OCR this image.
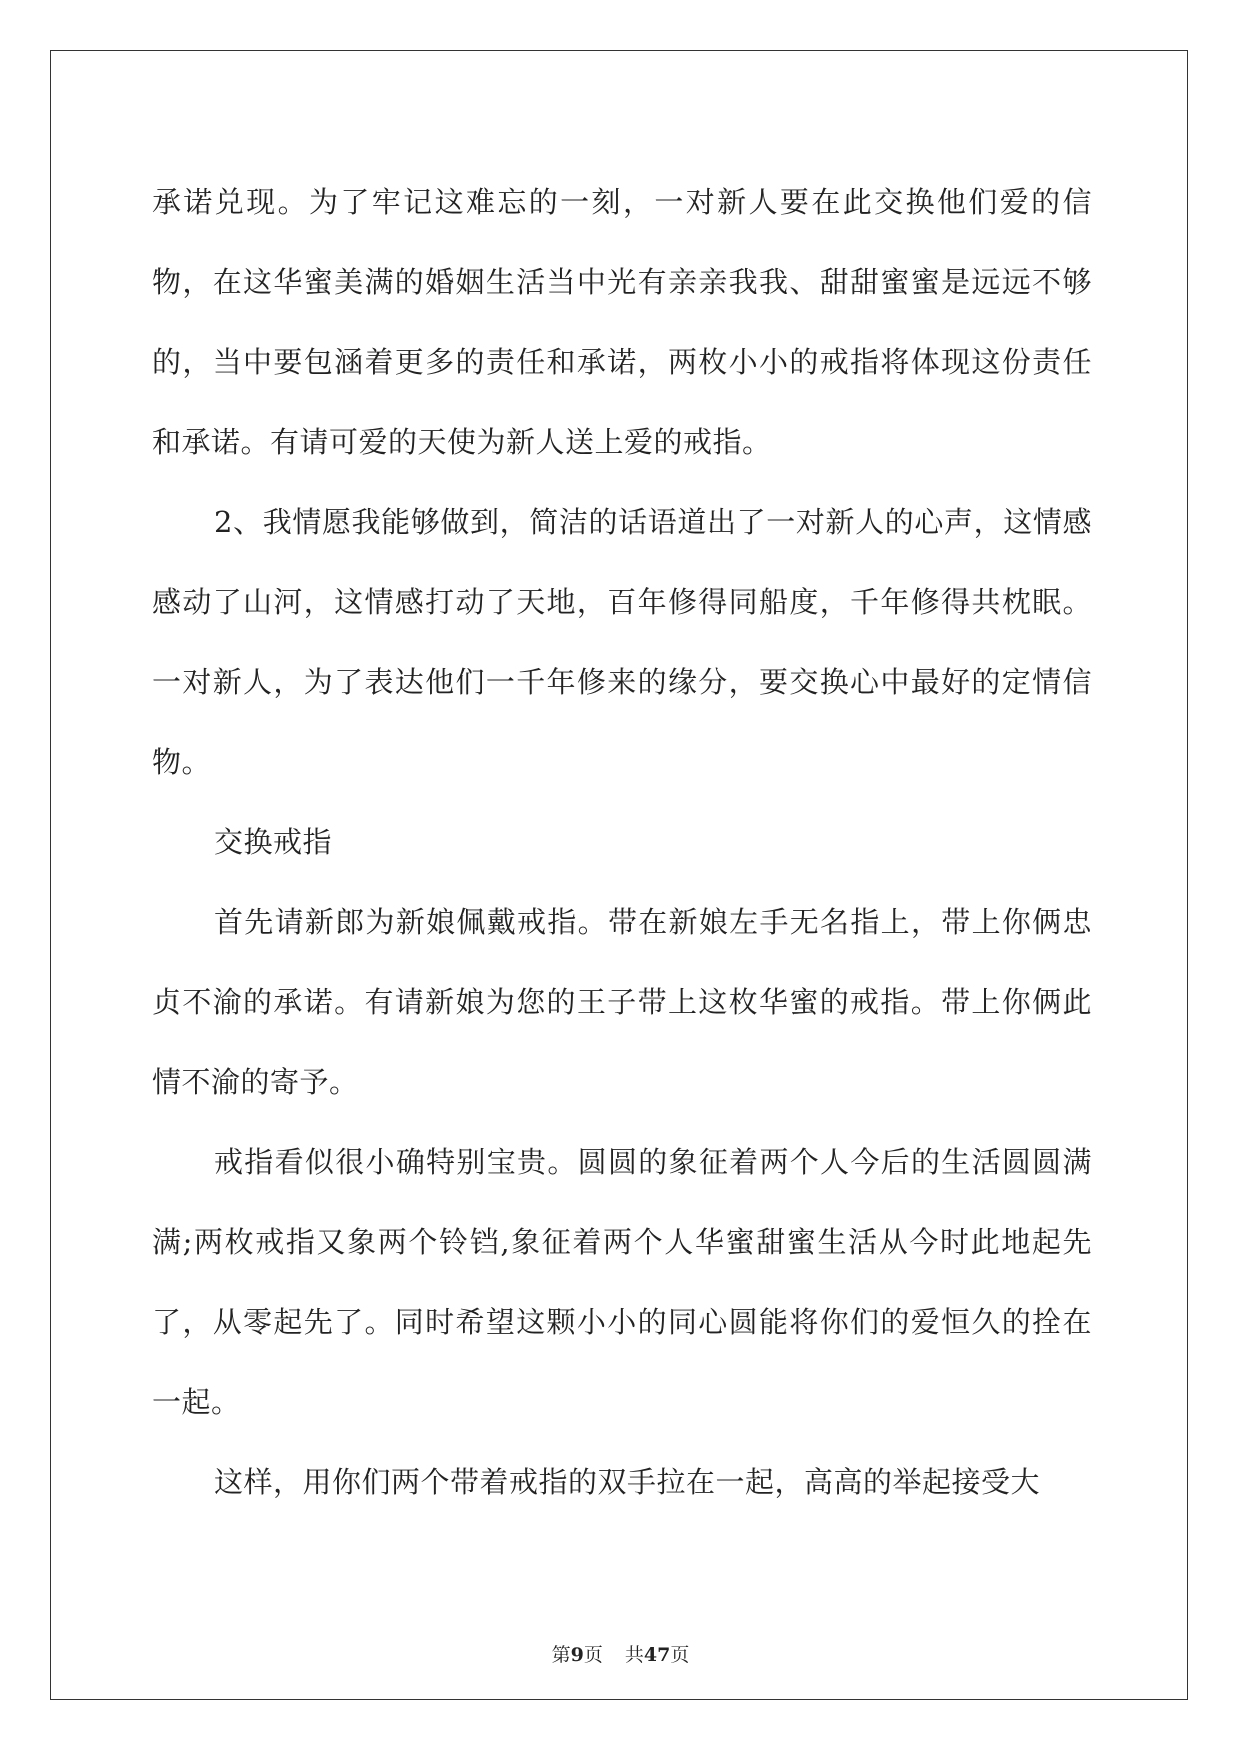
承诺兑现。为了牢记这难忘的一刻，一对新人要在此交换他们爱的信物，在这华蜜美满的婚姻生活当中光有亲亲我我、甜甜蜜蜜是远远不够的，当中要包涵着更多的责任和承诺，两枚小小的戒指将体现这份责任和承诺。有请可爱的天使为新人送上爱的戒指。

2、我情愿我能够做到，简洁的话语道出了一对新人的心声，这情感感动了山河，这情感打动了天地，百年修得同船度，千年修得共枕眠。一对新人，为了表达他们一千年修来的缘分，要交换心中最好的定情信物。

交换戒指

首先请新郎为新娘佩戴戒指。带在新娘左手无名指上，带上你俩忠贞不渝的承诺。有请新娘为您的王子带上这枚华蜜的戒指。带上你俩此情不渝的寄予。

戒指看似很小确特别宝贵。圆圆的象征着两个人今后的生活圆圆满满;两枚戒指又象两个铃铛,象征着两个人华蜜甜蜜生活从今时此地起先了，从零起先了。同时希望这颗小小的同心圆能将你们的爱恒久的拴在一起。

这样，用你们两个带着戒指的双手拉在一起，高高的举起接受大

第9页 共47页
